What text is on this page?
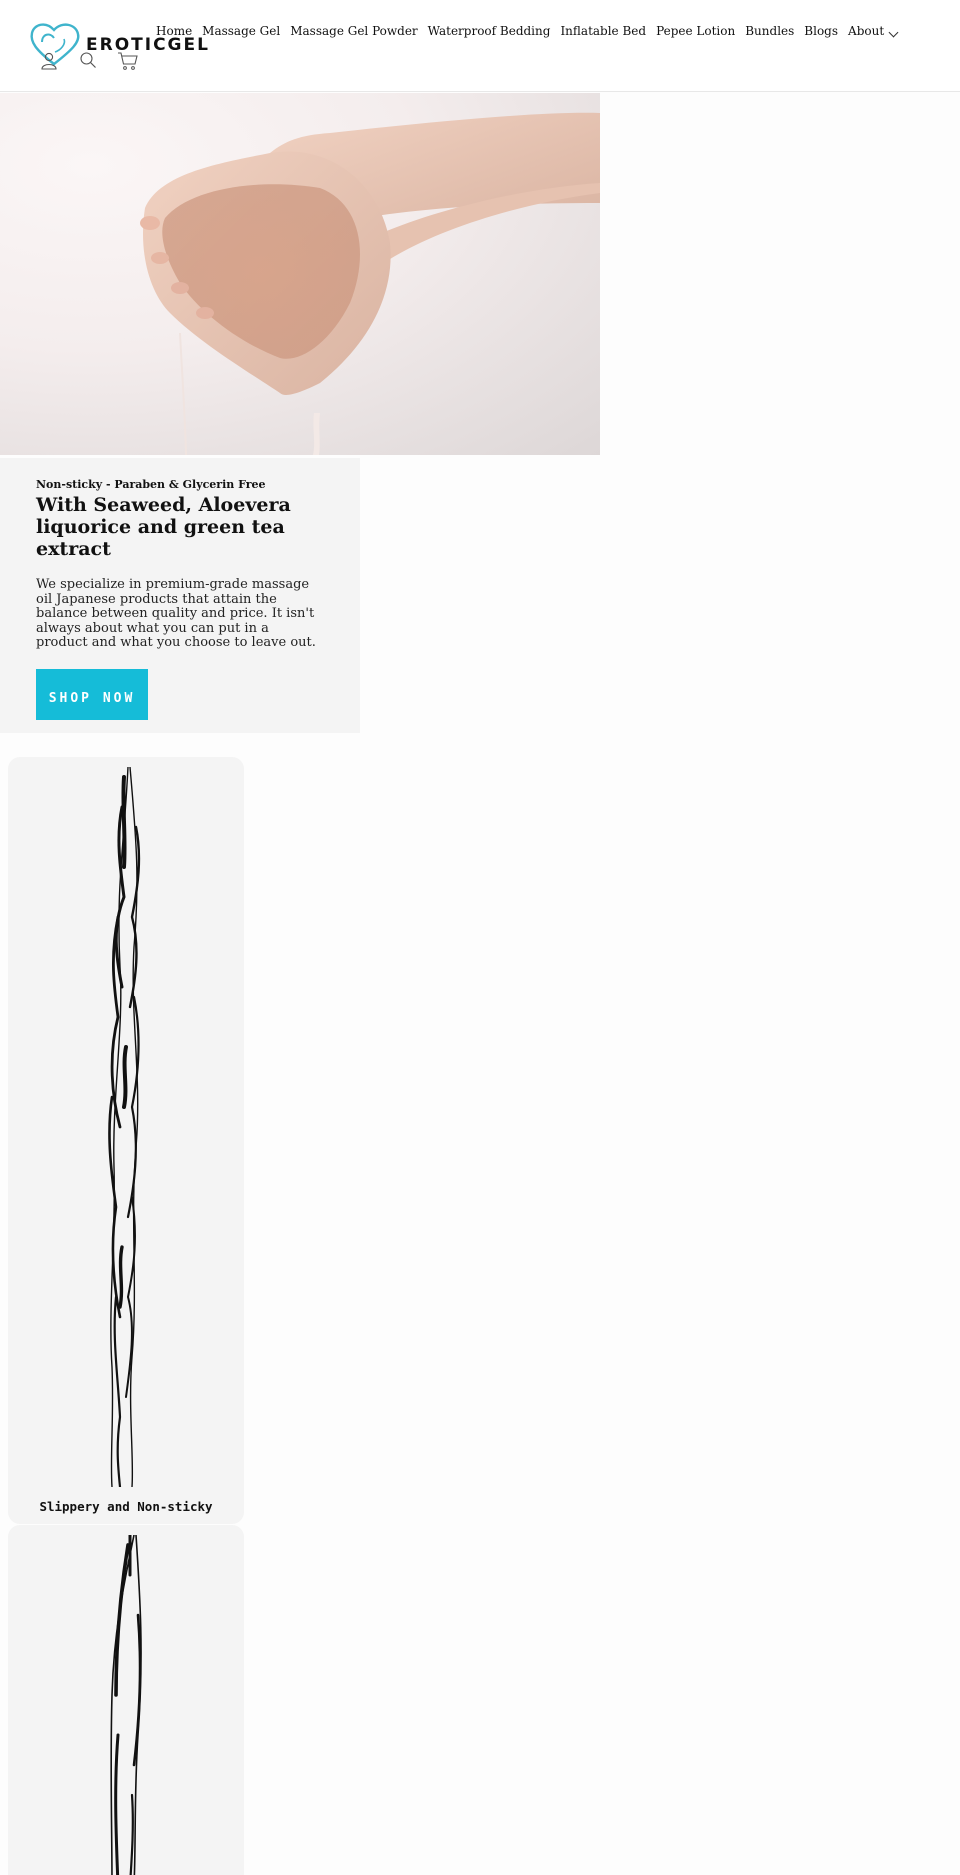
EROTICGEL
Home Massage Gel Massage Gel Powder Waterproof Bedding Inflatable Bed Pepee Lotion Bundles Blogs About
Non-sticky - Paraben & Glycerin Free
With Seaweed, Aloevera liquorice and green tea extract

We specialize in premium-grade massage oil Japanese products that attain the balance between quality and price. It isn't always about what you can put in a product and what you choose to leave out.

SHOP NOW
Slippery and Non-sticky
